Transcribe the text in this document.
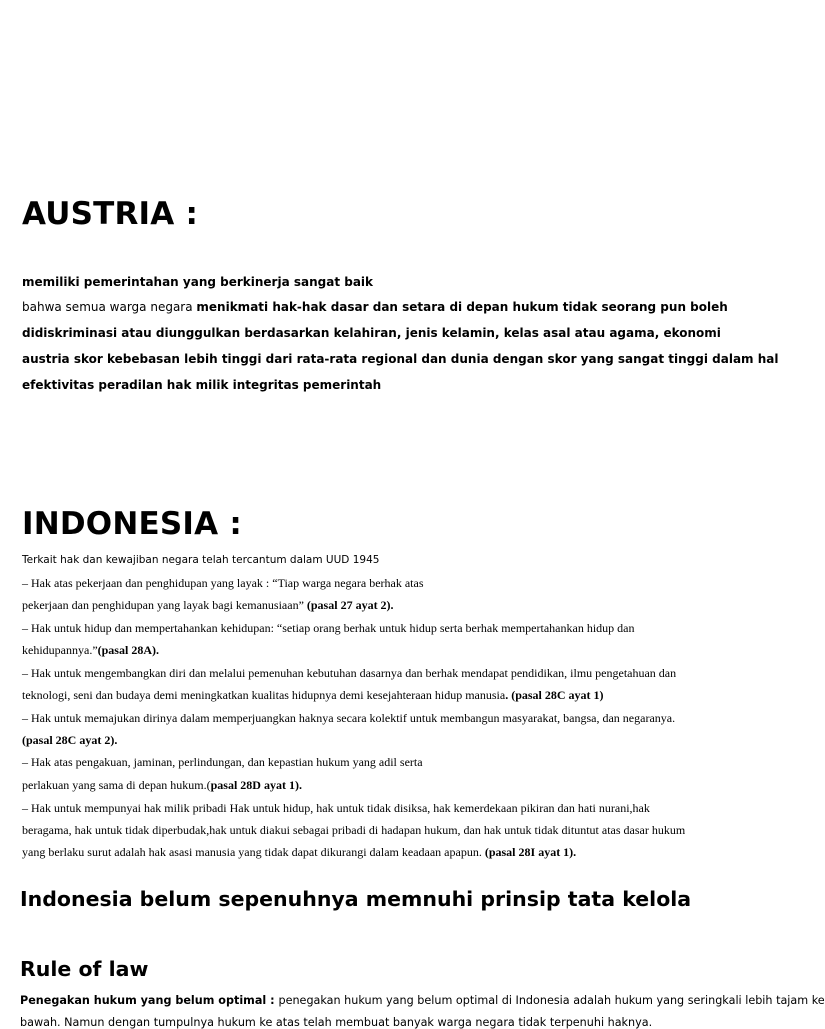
AUSTRIA :
memiliki pemerintahan yang berkinerja sangat baik
bahwa semua warga negara menikmati hak-hak dasar dan setara di depan hukum tidak seorang pun boleh
didiskriminasi atau diunggulkan berdasarkan kelahiran, jenis kelamin, kelas asal atau agama, ekonomi
austria skor kebebasan lebih tinggi dari rata-rata regional dan dunia dengan skor yang sangat tinggi dalam hal
efektivitas peradilan hak milik integritas pemerintah
INDONESIA :
Terkait hak dan kewajiban negara telah tercantum dalam UUD 1945
– Hak atas pekerjaan dan penghidupan yang layak : “Tiap warga negara berhak atas
pekerjaan dan penghidupan yang layak bagi kemanusiaan” (pasal 27 ayat 2).
– Hak untuk hidup dan mempertahankan kehidupan: “setiap orang berhak untuk hidup serta berhak mempertahankan hidup dan
kehidupannya.”(pasal 28A).
– Hak untuk mengembangkan diri dan melalui pemenuhan kebutuhan dasarnya dan berhak mendapat pendidikan, ilmu pengetahuan dan
teknologi, seni dan budaya demi meningkatkan kualitas hidupnya demi kesejahteraan hidup manusia. (pasal 28C ayat 1)
– Hak untuk memajukan dirinya dalam memperjuangkan haknya secara kolektif untuk membangun masyarakat, bangsa, dan negaranya.
(pasal 28C ayat 2).
– Hak atas pengakuan, jaminan, perlindungan, dan kepastian hukum yang adil serta
perlakuan yang sama di depan hukum.(pasal 28D ayat 1).
– Hak untuk mempunyai hak milik pribadi Hak untuk hidup, hak untuk tidak disiksa, hak kemerdekaan pikiran dan hati nurani,hak
beragama, hak untuk tidak diperbudak,hak untuk diakui sebagai pribadi di hadapan hukum, dan hak untuk tidak dituntut atas dasar hukum
yang berlaku surut adalah hak asasi manusia yang tidak dapat dikurangi dalam keadaan apapun. (pasal 28I ayat 1).
Indonesia belum sepenuhnya memnuhi prinsip tata kelola
Rule of law
Penegakan hukum yang belum optimal : penegakan hukum yang belum optimal di Indonesia adalah hukum yang seringkali lebih tajam ke
bawah. Namun dengan tumpulnya hukum ke atas telah membuat banyak warga negara tidak terpenuhi haknya.
